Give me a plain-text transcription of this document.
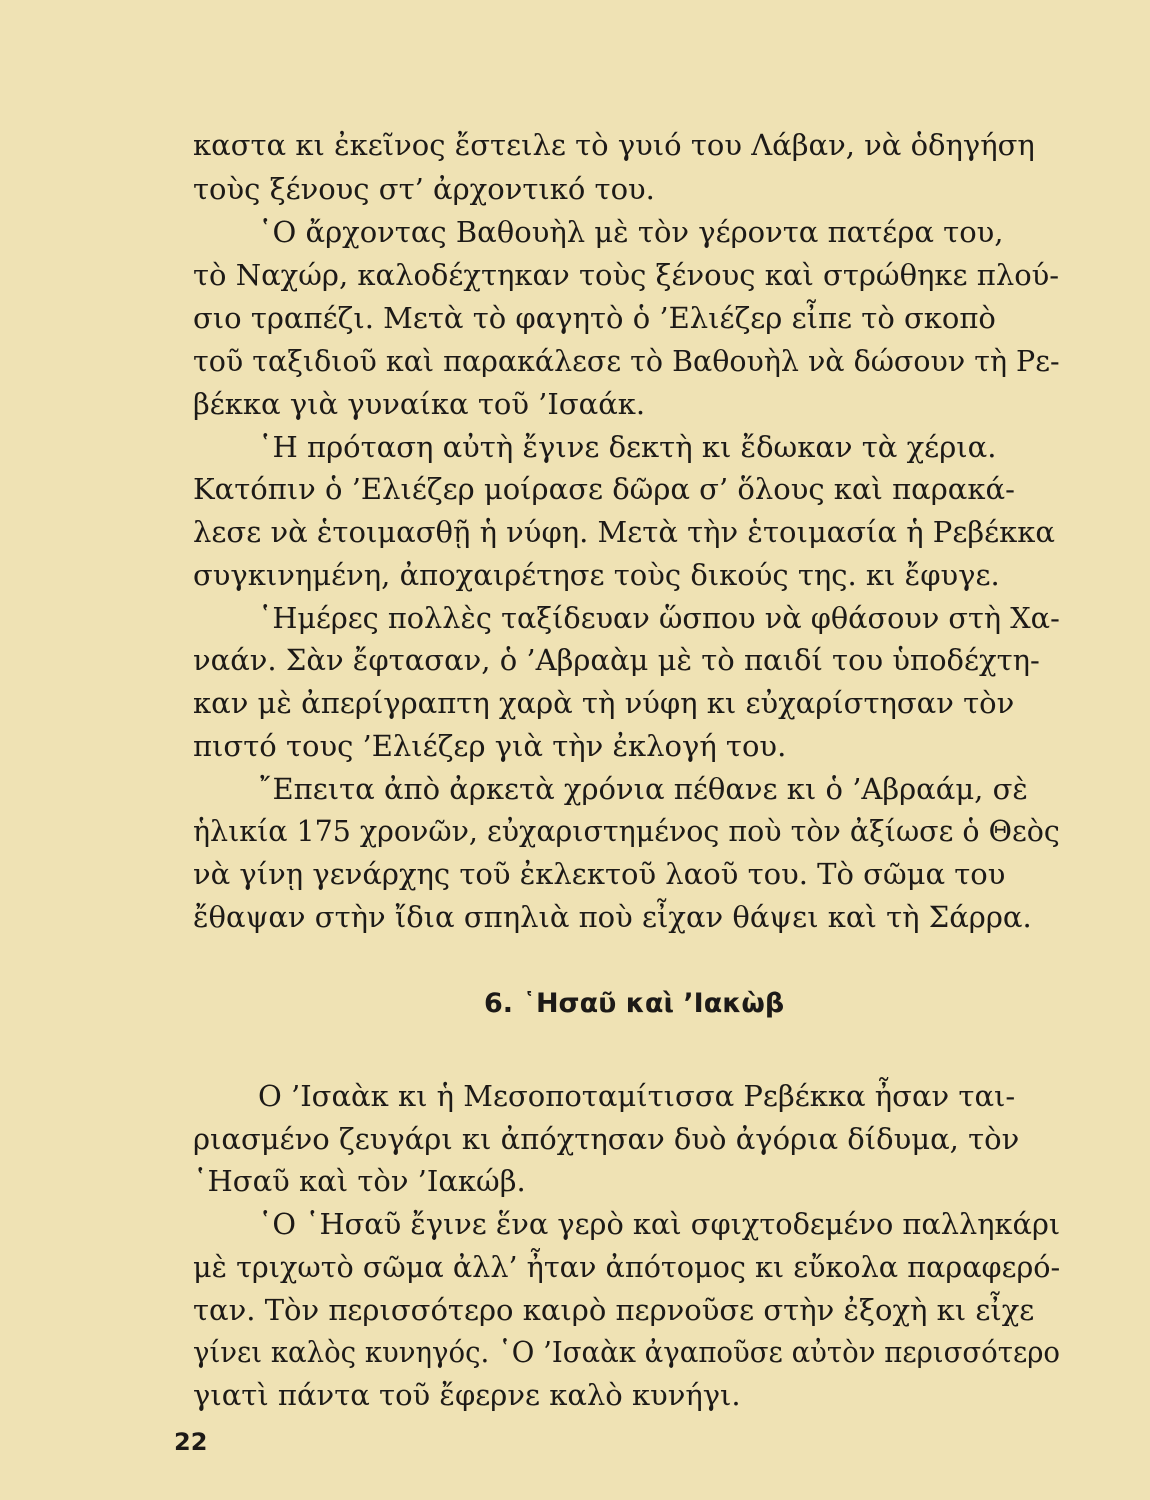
καστα κι ἐκεῖνος ἔστειλε τὸ γυιό του Λάβαν, νὰ ὁδηγήση
τοὺς ξένους στ’ ἀρχοντικό του.
῾Ο ἄρχοντας Βαθουὴλ μὲ τὸν γέροντα πατέρα του,
τὸ Ναχώρ, καλοδέχτηκαν τοὺς ξένους καὶ στρώθηκε πλού-
σιο τραπέζι. Μετὰ τὸ φαγητὸ ὁ ’Ελιέζερ εἶπε τὸ σκοπὸ
τοῦ ταξιδιοῦ καὶ παρακάλεσε τὸ Βαθουὴλ νὰ δώσουν τὴ Ρε-
βέκκα γιὰ γυναίκα τοῦ ’Ισαάκ.
῾Η πρόταση αὐτὴ ἔγινε δεκτὴ κι ἔδωκαν τὰ χέρια.
Κατόπιν ὁ ’Ελιέζερ μοίρασε δῶρα σ’ ὅλους καὶ παρακά-
λεσε νὰ ἑτοιμασθῇ ἡ νύφη. Μετὰ τὴν ἑτοιμασία ἡ Ρεβέκκα
συγκινημένη, ἀποχαιρέτησε τοὺς δικούς της. κι ἔφυγε.
῾Ημέρες πολλὲς ταξίδευαν ὥσπου νὰ φθάσουν στὴ Χα-
ναάν. Σὰν ἔφτασαν, ὁ ’Αβραὰμ μὲ τὸ παιδί του ὑποδέχτη-
καν μὲ ἀπερίγραπτη χαρὰ τὴ νύφη κι εὐχαρίστησαν τὸν
πιστό τους ’Ελιέζερ γιὰ τὴν ἐκλογή του.
῎Επειτα ἀπὸ ἀρκετὰ χρόνια πέθανε κι ὁ ’Αβραάμ, σὲ
ἡλικία 175 χρονῶν, εὐχαριστημένος ποὺ τὸν ἀξίωσε ὁ Θεὸς
νὰ γίνῃ γενάρχης τοῦ ἐκλεκτοῦ λαοῦ του. Τὸ σῶμα του
ἔθαψαν στὴν ἴδια σπηλιὰ ποὺ εἶχαν θάψει καὶ τὴ Σάρρα.
6. ῾Ησαῦ καὶ ’Ιακὼβ
Ο ’Ισαὰκ κι ἡ Μεσοποταμίτισσα Ρεβέκκα ἦσαν ται-
ριασμένο ζευγάρι κι ἀπόχτησαν δυὸ ἀγόρια δίδυμα, τὸν
῾Ησαῦ καὶ τὸν ’Ιακώβ.
῾Ο ῾Ησαῦ ἔγινε ἕνα γερὸ καὶ σφιχτοδεμένο παλληκάρι
μὲ τριχωτὸ σῶμα ἀλλ’ ἦταν ἀπότομος κι εὔκολα παραφερό-
ταν. Τὸν περισσότερο καιρὸ περνοῦσε στὴν ἐξοχὴ κι εἶχε
γίνει καλὸς κυνηγός. ῾Ο ’Ισαὰκ ἀγαποῦσε αὐτὸν περισσότερο
γιατὶ πάντα τοῦ ἔφερνε καλὸ κυνήγι.
22
